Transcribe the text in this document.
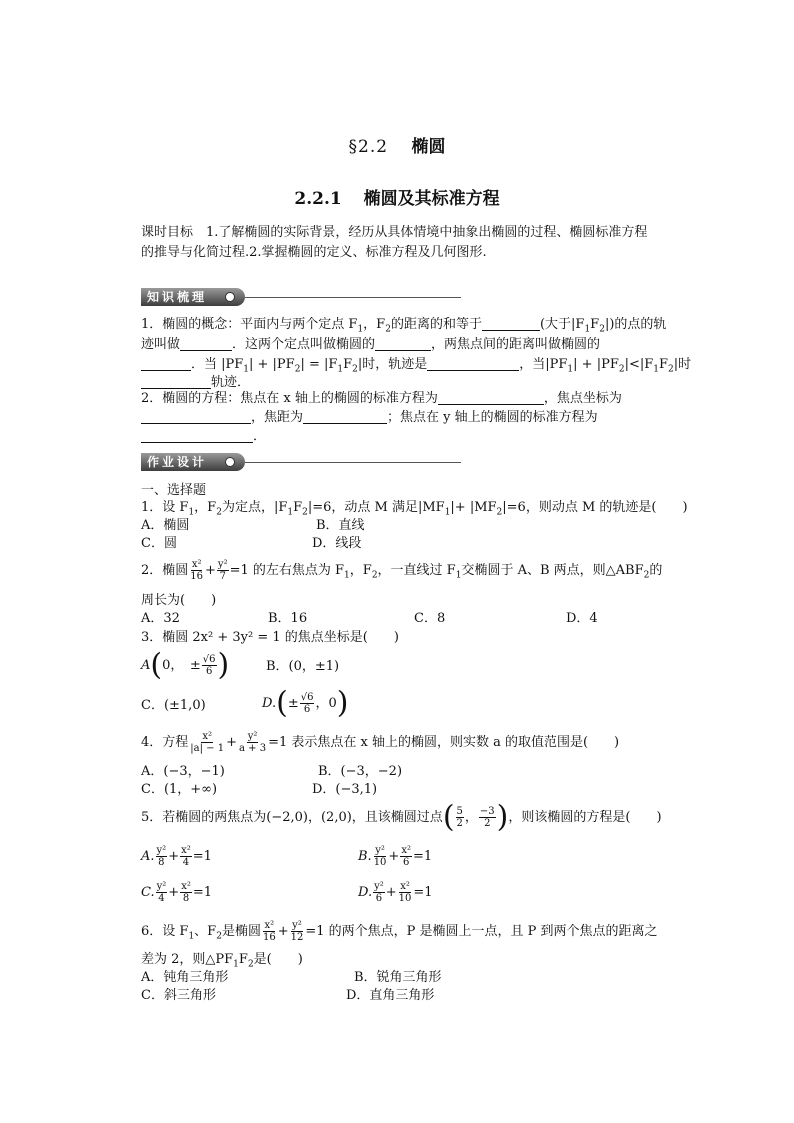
§2.2 椭圆
2.2.1 椭圆及其标准方程
课时目标　1.了解椭圆的实际背景，经历从具体情境中抽象出椭圆的过程、椭圆标准方程
的推导与化简过程.2.掌握椭圆的定义、标准方程及几何图形.
知识梳理
1．椭圆的概念：平面内与两个定点 $F_1$，$F_2$的距离的和等于	(大于$|F_1F_2|$)的点的轨
迹叫做	．这两个定点叫做椭圆的	，两焦点间的距离叫做椭圆的
．当 $|PF_1| + |PF_2| = |F_1F_2|$时，轨迹是	，当$|PF_1| + |PF_2|<|F_1F_2|$时
轨迹．
2．椭圆的方程：焦点在 x 轴上的椭圆的标准方程为	，焦点坐标为
，焦距为	；焦点在 y 轴上的椭圆的标准方程为
．
作业设计
一、选择题
1．设 $F_1$，$F_2$为定点，$|F_1F_2|=6$，动点 M 满足$|MF_1|+ |MF_2|=6$，则动点 M 的轨迹是(　　)
A．椭圆	B．直线
C．圆	D．线段
2．椭圆 $\frac{\text{x²}}{16} + \frac{\text{y²}}{7} =1$ 的左右焦点为 $F_1$，$F_2$，一直线过 $F_1$交椭圆于 A、B 两点，则$\triangle ABF_2$的
周长为(　　)
A．32	B．16	C．8	D．4
3．椭圆 2x² + 3y² = 1 的焦点坐标是(　　)
A(0，　± $\frac{√6}{6}$ )	B．(0，±1)
C．(±1,0)	$D.(\pm \frac{√6}{6}$ ，0)
4．方程 $\frac{\text{x²}}{|a| - 1} + \frac{\text{y²}}{a + 3} =1$ 表示焦点在 x 轴上的椭圆，则实数 a 的取值范围是(　　)
A．(−3，−1)	B．(−3，−2)
C．(1，+∞)	D．(−3,1)
5．若椭圆的两焦点为(−2,0)，(2,0)，且该椭圆过点( $\frac{5}{2}$ ， $\frac{-3}{2}$ )，则该椭圆的方程是(　　)
A. $\frac{\text{y²}}{8} + \frac{\text{x²}}{4} =1$	B. $\frac{\text{y²}}{10} + \frac{\text{x²}}{6} =1$
C. $\frac{\text{y²}}{4} + \frac{\text{x²}}{8} =1$	D. $\frac{\text{y²}}{6} + \frac{\text{x²}}{10} =1$
6．设 $F_1$、$F_2$是椭圆 $\frac{\text{x²}}{16} + \frac{\text{y²}}{12} =1$ 的两个焦点，P 是椭圆上一点，且 P 到两个焦点的距离之
差为 2，则$\triangle PF_1F_2$是(　　)
A．钝角三角形	B．锐角三角形
C．斜三角形	D．直角三角形
